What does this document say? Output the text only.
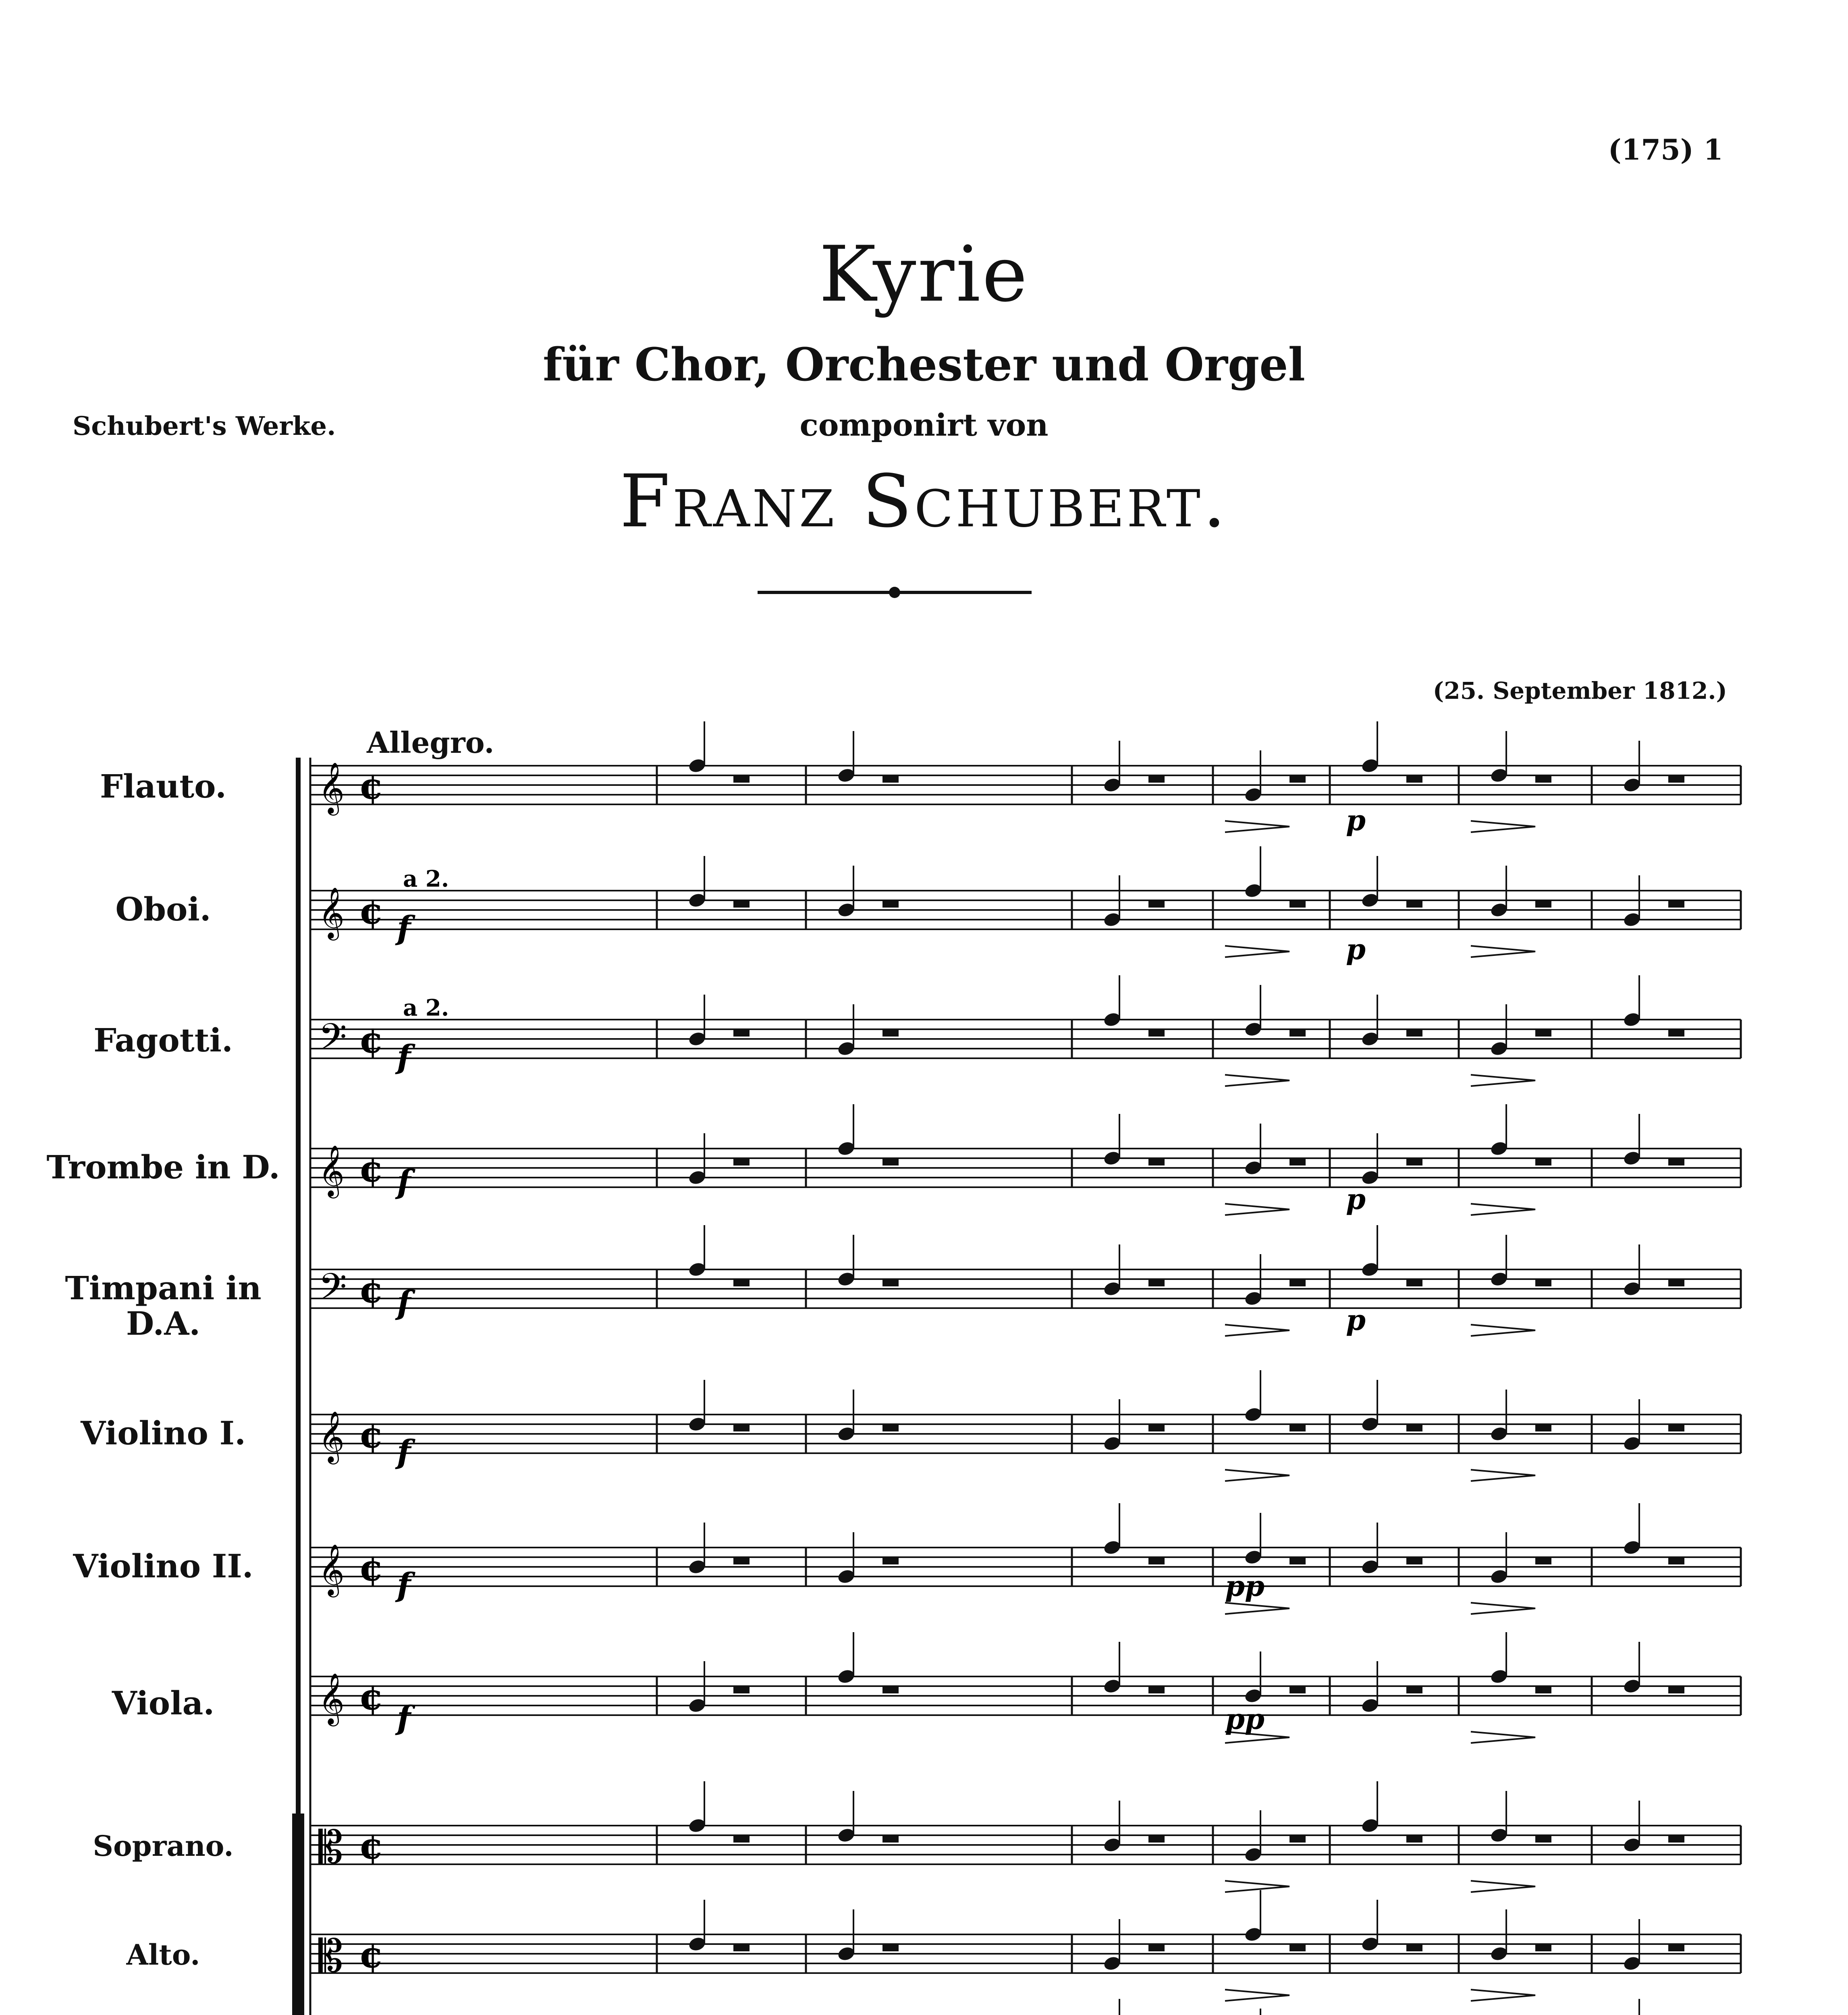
(175) 1
Kyrie
für Chor, Orchester und Orgel
componirt von
Franz Schubert.
Schubert's Werke.
(25. September 1812.)
Allegro.
Flauto.
Oboi.
Fagotti.
Trombe in D.
Timpani in D.A.
Violino I.
Violino II.
Viola.
Soprano.
Alto.
𝄞 ¢
𝄞 ¢
𝄢 ¢
𝄞 ¢
𝄢 ¢
𝄞 ¢
𝄞 ¢
𝄞 ¢
𝄡 ¢
𝄡 ¢
a 2.
a 2.
f
f
f
f
f
f
f
p
p
p
p
pp
pp
